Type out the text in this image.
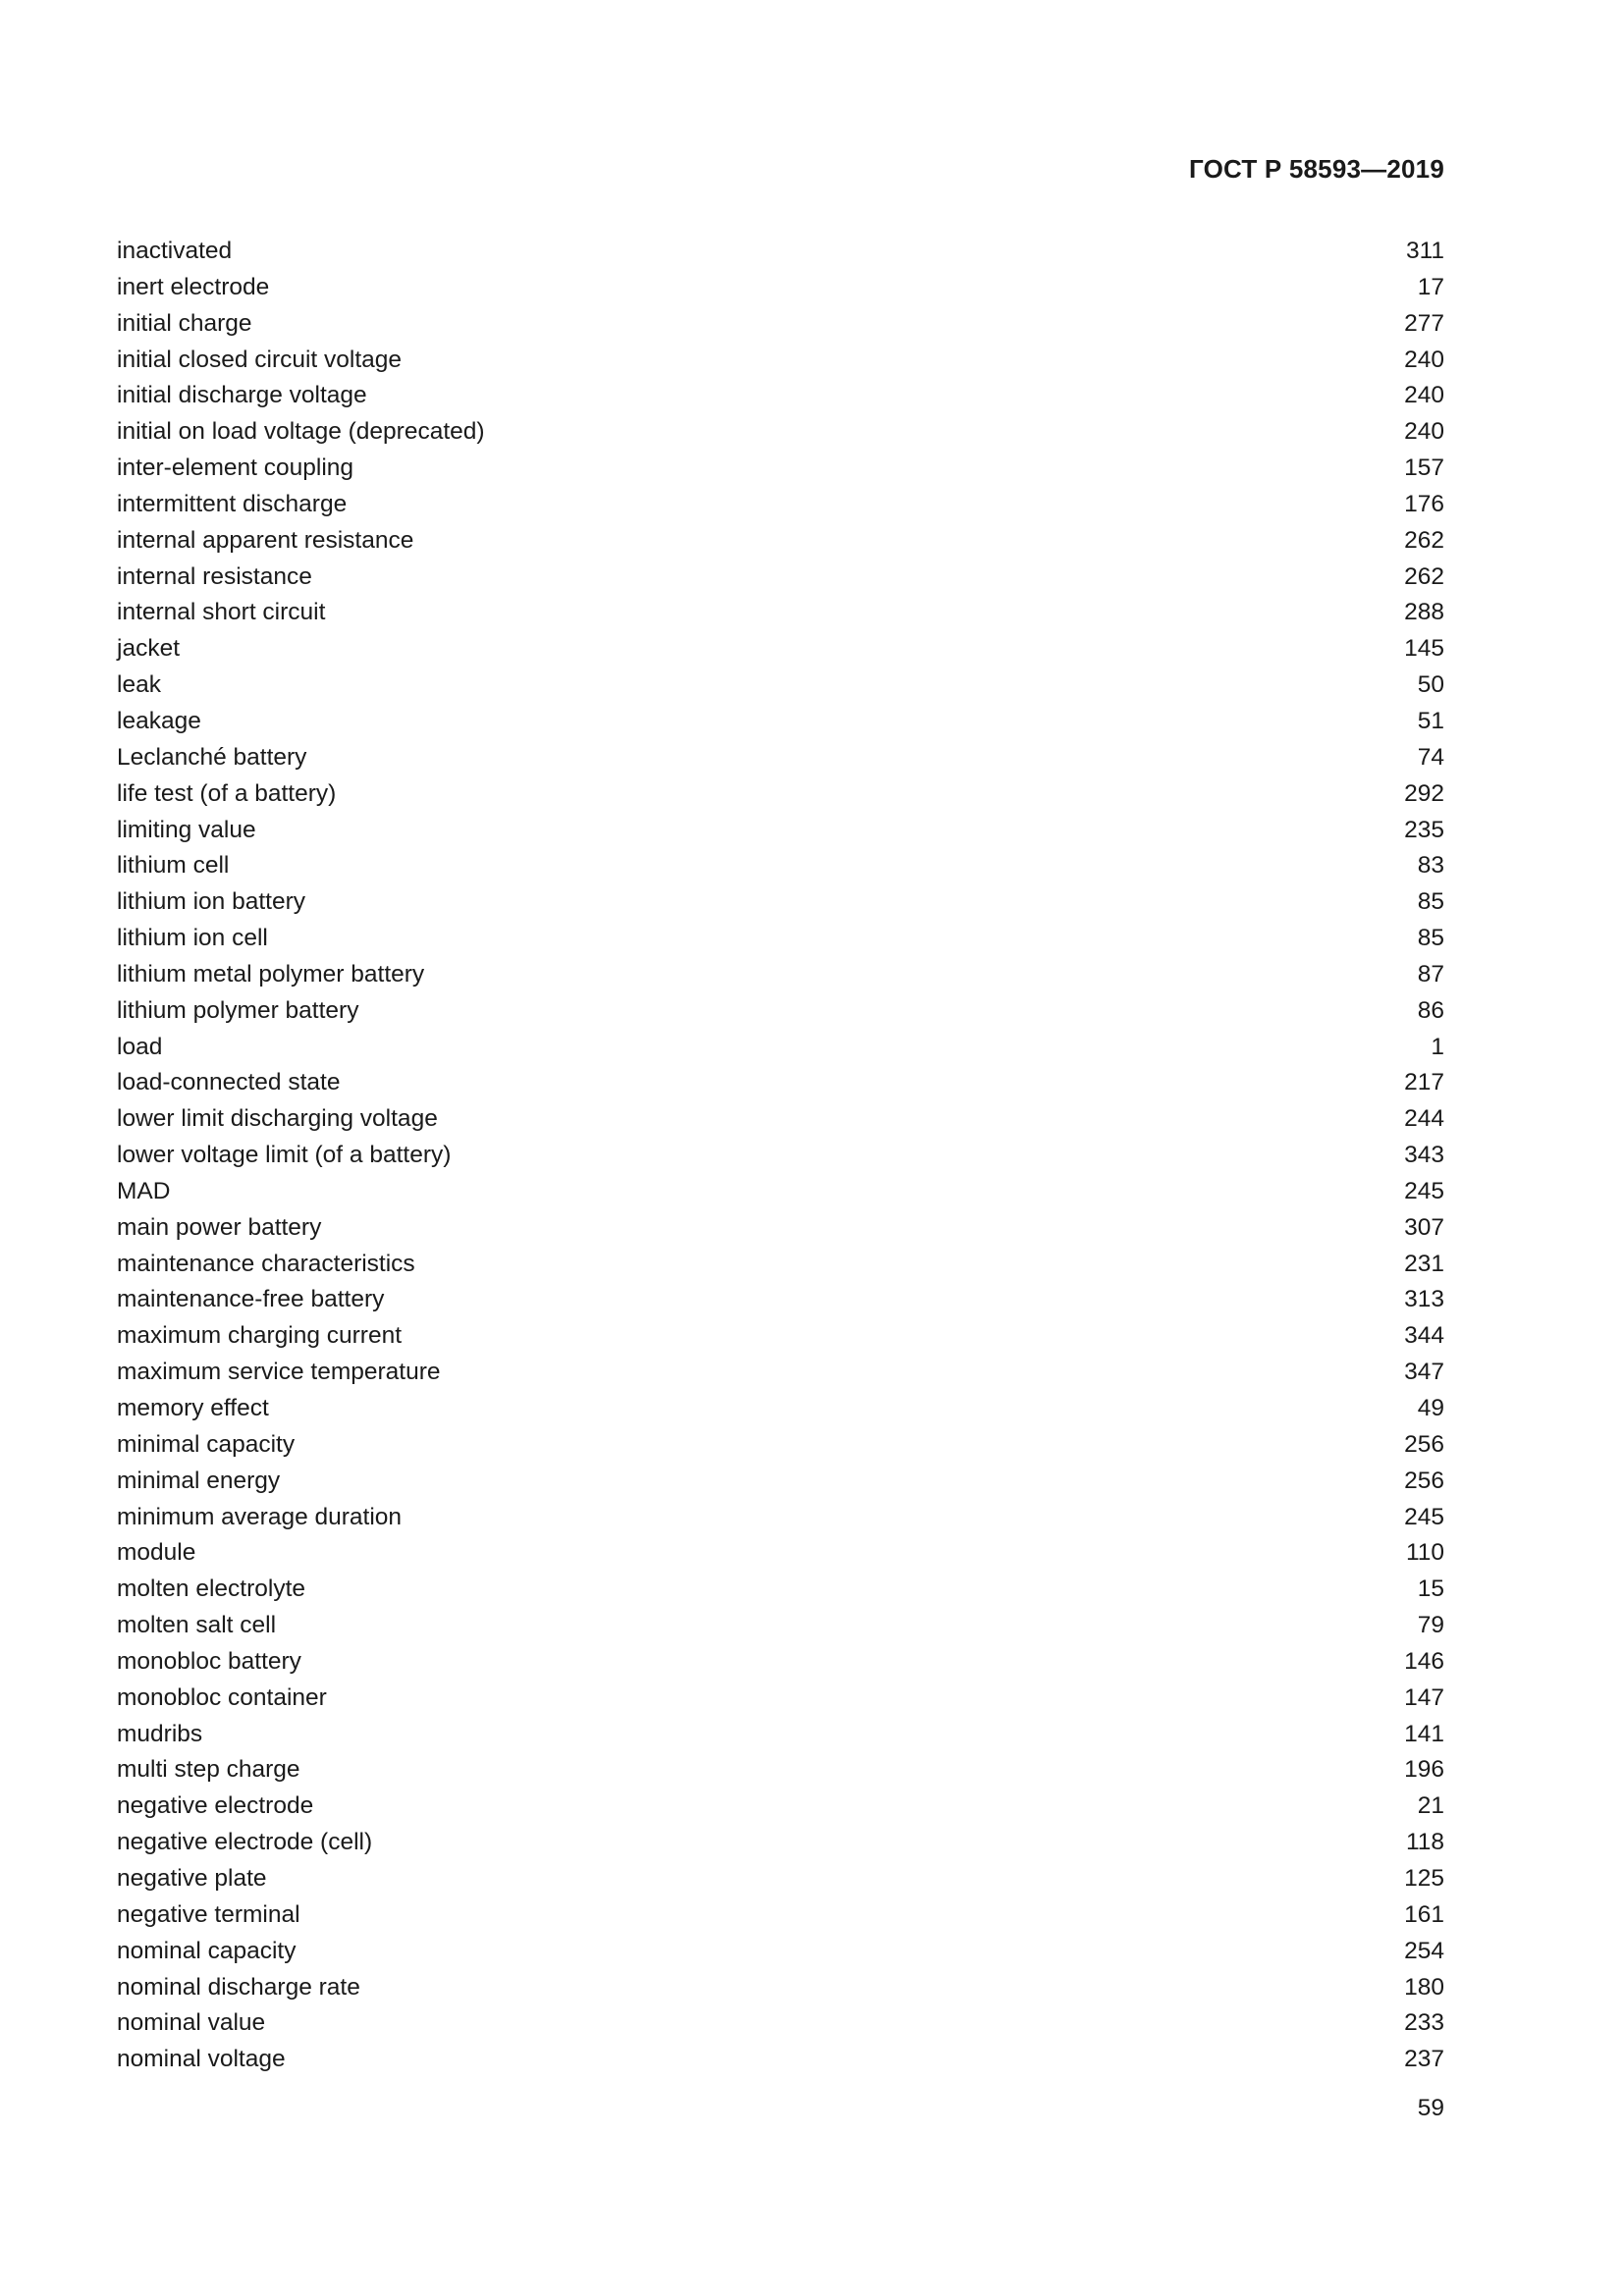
ГОСТ Р 58593—2019
inactivated	311
inert electrode	17
initial charge	277
initial closed circuit voltage	240
initial discharge voltage	240
initial on load voltage (deprecated)	240
inter-element coupling	157
intermittent discharge	176
internal apparent resistance	262
internal resistance	262
internal short circuit	288
jacket	145
leak	50
leakage	51
Leclanché battery	74
life test (of a battery)	292
limiting value	235
lithium cell	83
lithium ion battery	85
lithium ion cell	85
lithium metal polymer battery	87
lithium polymer battery	86
load	1
load-connected state	217
lower limit discharging voltage	244
lower voltage limit (of a battery)	343
MAD	245
main power battery	307
maintenance characteristics	231
maintenance-free battery	313
maximum charging current	344
maximum service temperature	347
memory effect	49
minimal capacity	256
minimal energy	256
minimum average duration	245
module	110
molten electrolyte	15
molten salt cell	79
monobloc battery	146
monobloc container	147
mudribs	141
multi step charge	196
negative electrode	21
negative electrode (cell)	118
negative plate	125
negative terminal	161
nominal capacity	254
nominal discharge rate	180
nominal value	233
nominal voltage	237
59
